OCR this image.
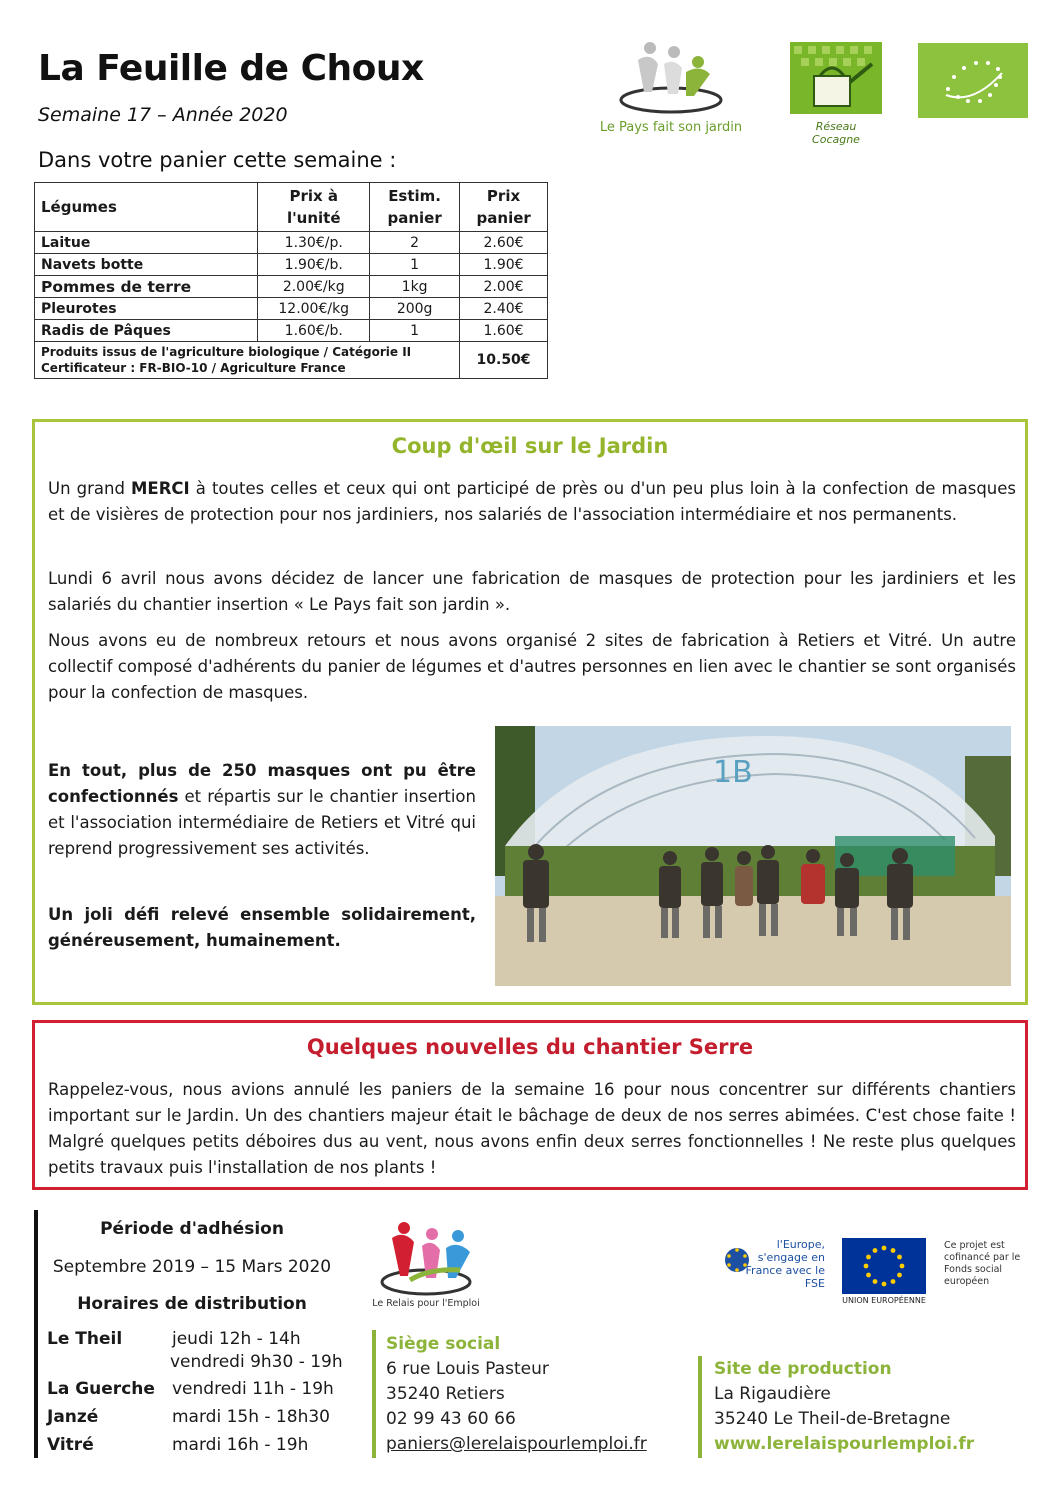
La Feuille de Choux
Semaine 17 – Année 2020
Dans votre panier cette semaine :
Le Pays fait son jardin	Réseau Cocagne
Légumes	Prix à l'unité	Estim. panier	Prix panier
Laitue	1.30€/p.	2	2.60€
Navets botte	1.90€/b.	1	1.90€
Pommes de terre	2.00€/kg	1kg	2.00€
Pleurotes	12.00€/kg	200g	2.40€
Radis de Pâques	1.60€/b.	1	1.60€

Produits issus de l'agriculture biologique / Catégorie II
Certificateur : FR-BIO-10 / Agriculture France			10.50€
Coup d'œil sur le Jardin
Un grand MERCI à toutes celles et ceux qui ont participé de près ou d'un peu plus loin à la confection de masques et de visières de protection pour nos jardiniers, nos salariés de l'association intermédiaire et nos permanents.
Lundi 6 avril nous avons décidez de lancer une fabrication de masques de protection pour les jardiniers et les salariés du chantier insertion « Le Pays fait son jardin ».
Nous avons eu de nombreux retours et nous avons organisé 2 sites de fabrication à Retiers et Vitré. Un autre collectif composé d'adhérents du panier de légumes et d'autres personnes en lien avec le chantier se sont organisés pour la confection de masques.
En tout, plus de 250 masques ont pu être confectionnés et répartis sur le chantier insertion et l'association intermédiaire de Retiers et Vitré qui reprend progressivement ses activités.
Un joli défi relevé ensemble solidairement, généreusement, humainement.
1B
Quelques nouvelles du chantier Serre
Rappelez-vous, nous avions annulé les paniers de la semaine 16 pour nous concentrer sur différents chantiers important sur le Jardin. Un des chantiers majeur était le bâchage de deux de nos serres abimées. C'est chose faite ! Malgré quelques petits déboires dus au vent, nous avons enfin deux serres fonctionnelles ! Ne reste plus quelques petits travaux puis l'installation de nos plants !
Période d'adhésion
Septembre 2019 – 15 Mars 2020
Horaires de distribution
Le Theil	jeudi 12h - 14h
vendredi 9h30 - 19h
La Guerche vendredi 11h - 19h
Janzé	mardi 15h - 18h30
Vitré	mardi 16h - 19h
Le Relais pour l'Emploi
Siège social
6 rue Louis Pasteur
35240 Retiers
02 99 43 60 66
paniers@lerelaispourlemploi.fr
Site de production
La Rigaudière
35240 Le Theil-de-Bretagne
www.lerelaispourlemploi.fr
l'Europe, s'engage en France avec le FSE
UNION EUROPÉENNE
Ce projet est cofinancé par le Fonds social européen
